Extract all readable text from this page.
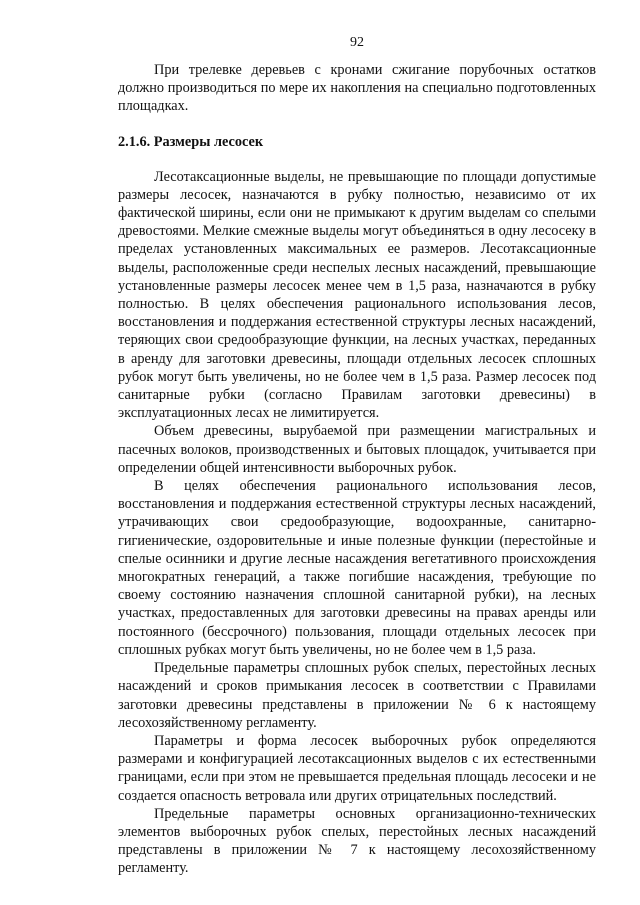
92

При трелевке деревьев с кронами сжигание порубочных остатков должно производиться по мере их накопления на специально подготовленных площадках.

2.1.6. Размеры лесосек

Лесотаксационные выделы, не превышающие по площади допустимые размеры лесосек, назначаются в рубку полностью, независимо от их фактической ширины, если они не примыкают к другим выделам со спелыми древостоями. Мелкие смежные выделы могут объединяться в одну лесосеку в пределах установленных максимальных ее размеров. Лесотаксационные выделы, расположенные среди неспелых лесных насаждений, превышающие установленные размеры лесосек менее чем в 1,5 раза, назначаются в рубку полностью. В целях обеспечения рационального использования лесов, восстановления и поддержания естественной структуры лесных насаждений, теряющих свои средообразующие функции, на лесных участках, переданных в аренду для заготовки древесины, площади отдельных лесосек сплошных рубок могут быть увеличены, но не более чем в 1,5 раза. Размер лесосек под санитарные рубки (согласно Правилам заготовки древесины) в эксплуатационных лесах не лимитируется.

Объем древесины, вырубаемой при размещении магистральных и пасечных волоков, производственных и бытовых площадок, учитывается при определении общей интенсивности выборочных рубок.

В целях обеспечения рационального использования лесов, восстановления и поддержания естественной структуры лесных насаждений, утрачивающих свои средообразующие, водоохранные, санитарно-гигиенические, оздоровительные и иные полезные функции (перестойные и спелые осинники и другие лесные насаждения вегетативного происхождения многократных генераций, а также погибшие насаждения, требующие по своему состоянию назначения сплошной санитарной рубки), на лесных участках, предоставленных для заготовки древесины на правах аренды или постоянного (бессрочного) пользования, площади отдельных лесосек при сплошных рубках могут быть увеличены, но не более чем в 1,5 раза.

Предельные параметры сплошных рубок спелых, перестойных лесных насаждений и сроков примыкания лесосек в соответствии с Правилами заготовки древесины представлены в приложении № 6 к настоящему лесохозяйственному регламенту.

Параметры и форма лесосек выборочных рубок определяются размерами и конфигурацией лесотаксационных выделов с их естественными границами, если при этом не превышается предельная площадь лесосеки и не создается опасность ветровала или других отрицательных последствий.

Предельные параметры основных организационно-технических элементов выборочных рубок спелых, перестойных лесных насаждений представлены в приложении № 7 к настоящему лесохозяйственному регламенту.
